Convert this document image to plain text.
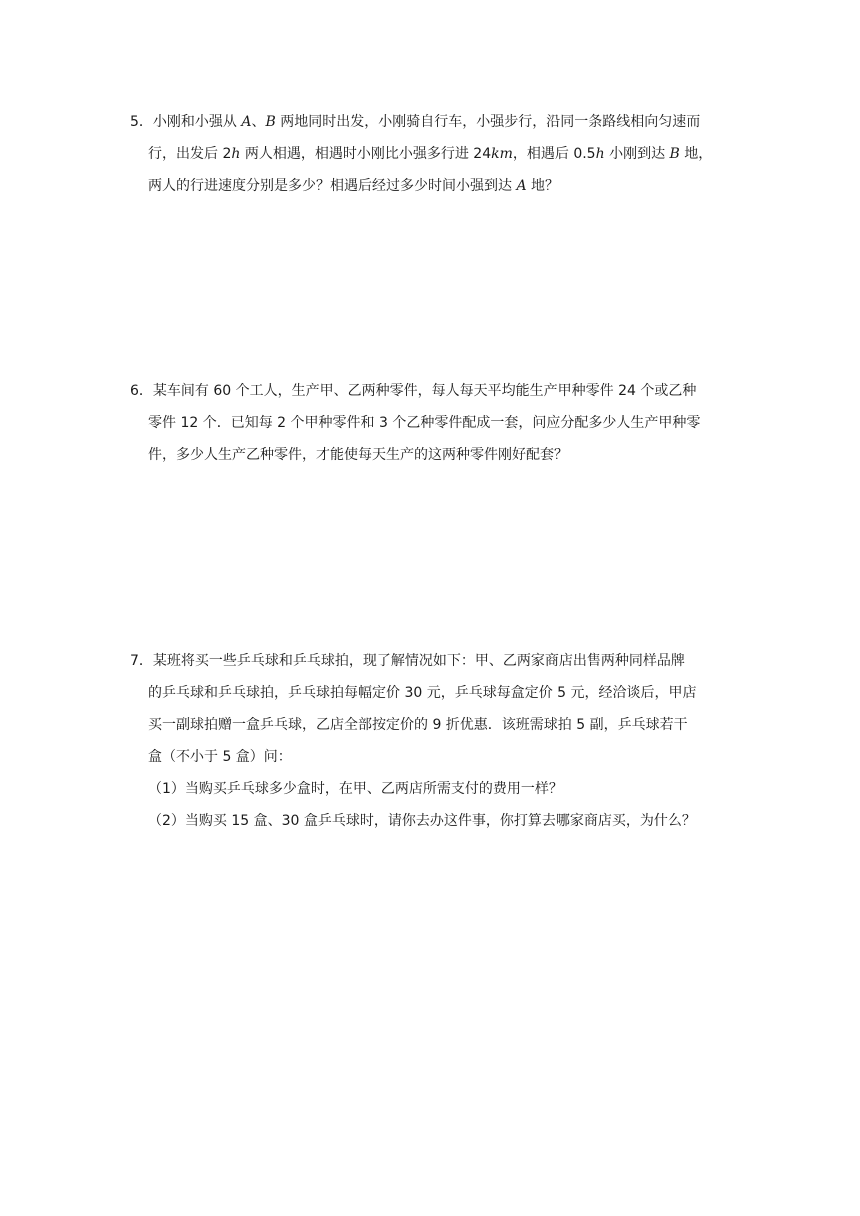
5．小刚和小强从 A、B 两地同时出发，小刚骑自行车，小强步行，沿同一条路线相向匀速而
行，出发后 2h 两人相遇，相遇时小刚比小强多行进 24km，相遇后 0.5h 小刚到达 B 地，
两人的行进速度分别是多少？相遇后经过多少时间小强到达 A 地？
6．某车间有 60 个工人，生产甲、乙两种零件，每人每天平均能生产甲种零件 24 个或乙种
零件 12 个．已知每 2 个甲种零件和 3 个乙种零件配成一套，问应分配多少人生产甲种零
件，多少人生产乙种零件，才能使每天生产的这两种零件刚好配套？
7．某班将买一些乒乓球和乒乓球拍，现了解情况如下：甲、乙两家商店出售两种同样品牌
的乒乓球和乒乓球拍，乒乓球拍每幅定价 30 元，乒乓球每盒定价 5 元，经洽谈后，甲店
买一副球拍赠一盒乒乓球，乙店全部按定价的 9 折优惠．该班需球拍 5 副，乒乓球若干
盒（不小于 5 盒）问：
（1）当购买乒乓球多少盒时，在甲、乙两店所需支付的费用一样？
（2）当购买 15 盒、30 盒乒乓球时，请你去办这件事，你打算去哪家商店买，为什么？
